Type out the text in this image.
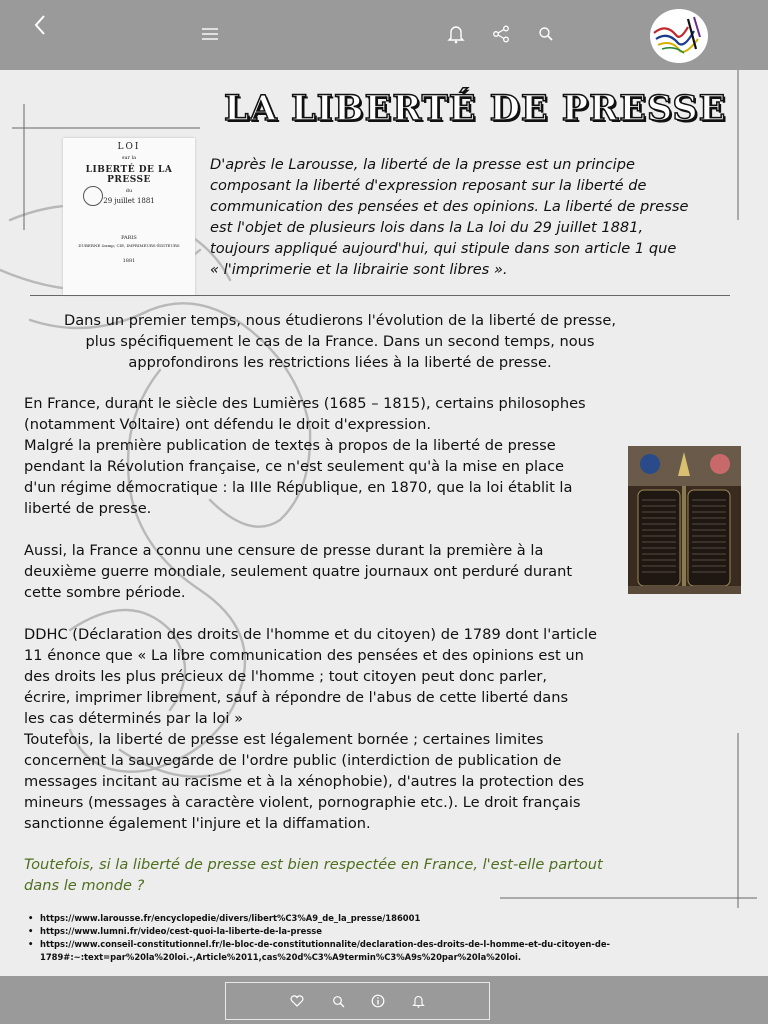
LA LIBERTÉ DE PRESSE
LOI
sur la
LIBERTÉ DE LA PRESSE
du
29 juillet 1881
PARIS
DUBERNE &amp; CIE, IMPRIMEURS-ÉDITEURS
1881
D'après le Larousse, la liberté de la presse est un principe
composant la liberté d'expression reposant sur la liberté de
communication des pensées et des opinions. La liberté de presse
est l'objet de plusieurs lois dans la La loi du 29 juillet 1881,
toujours appliqué aujourd'hui, qui stipule dans son article 1 que
« l'imprimerie et la librairie sont libres ».
Dans un premier temps, nous étudierons l'évolution de la liberté de presse,
plus spécifiquement le cas de la France. Dans un second temps, nous
approfondirons les restrictions liées à la liberté de presse.
En France, durant le siècle des Lumières (1685 – 1815), certains philosophes
(notamment Voltaire) ont défendu le droit d'expression.
Malgré la première publication de textes à propos de la liberté de presse
pendant la Révolution française, ce n'est seulement qu'à la mise en place
d'un régime démocratique : la IIIe République, en 1870, que la loi établit la
liberté de presse.
Aussi, la France a connu une censure de presse durant la première à la
deuxième guerre mondiale, seulement quatre journaux ont perduré durant
cette sombre période.
DDHC (Déclaration des droits de l'homme et du citoyen) de 1789 dont l'article
11 énonce que « La libre communication des pensées et des opinions est un
des droits les plus précieux de l'homme ; tout citoyen peut donc parler,
écrire, imprimer librement, sauf à répondre de l'abus de cette liberté dans
les cas déterminés par la loi »
Toutefois, la liberté de presse est légalement bornée ; certaines limites
concernent la sauvegarde de l'ordre public (interdiction de publication de
messages incitant au racisme et à la xénophobie), d'autres la protection des
mineurs (messages à caractère violent, pornographie etc.). Le droit français
sanctionne également l'injure et la diffamation.
Toutefois, si la liberté de presse est bien respectée en France, l'est-elle partout
dans le monde ?
• https://www.larousse.fr/encyclopedie/divers/libert%C3%A9_de_la_presse/186001
• https://www.lumni.fr/video/cest-quoi-la-liberte-de-la-presse
• https://www.conseil-constitutionnel.fr/le-bloc-de-constitutionnalite/declaration-des-droits-de-l-homme-et-du-citoyen-de-
1789#:~:text=par%20la%20loi.-,Article%2011,cas%20d%C3%A9termin%C3%A9s%20par%20la%20loi.
